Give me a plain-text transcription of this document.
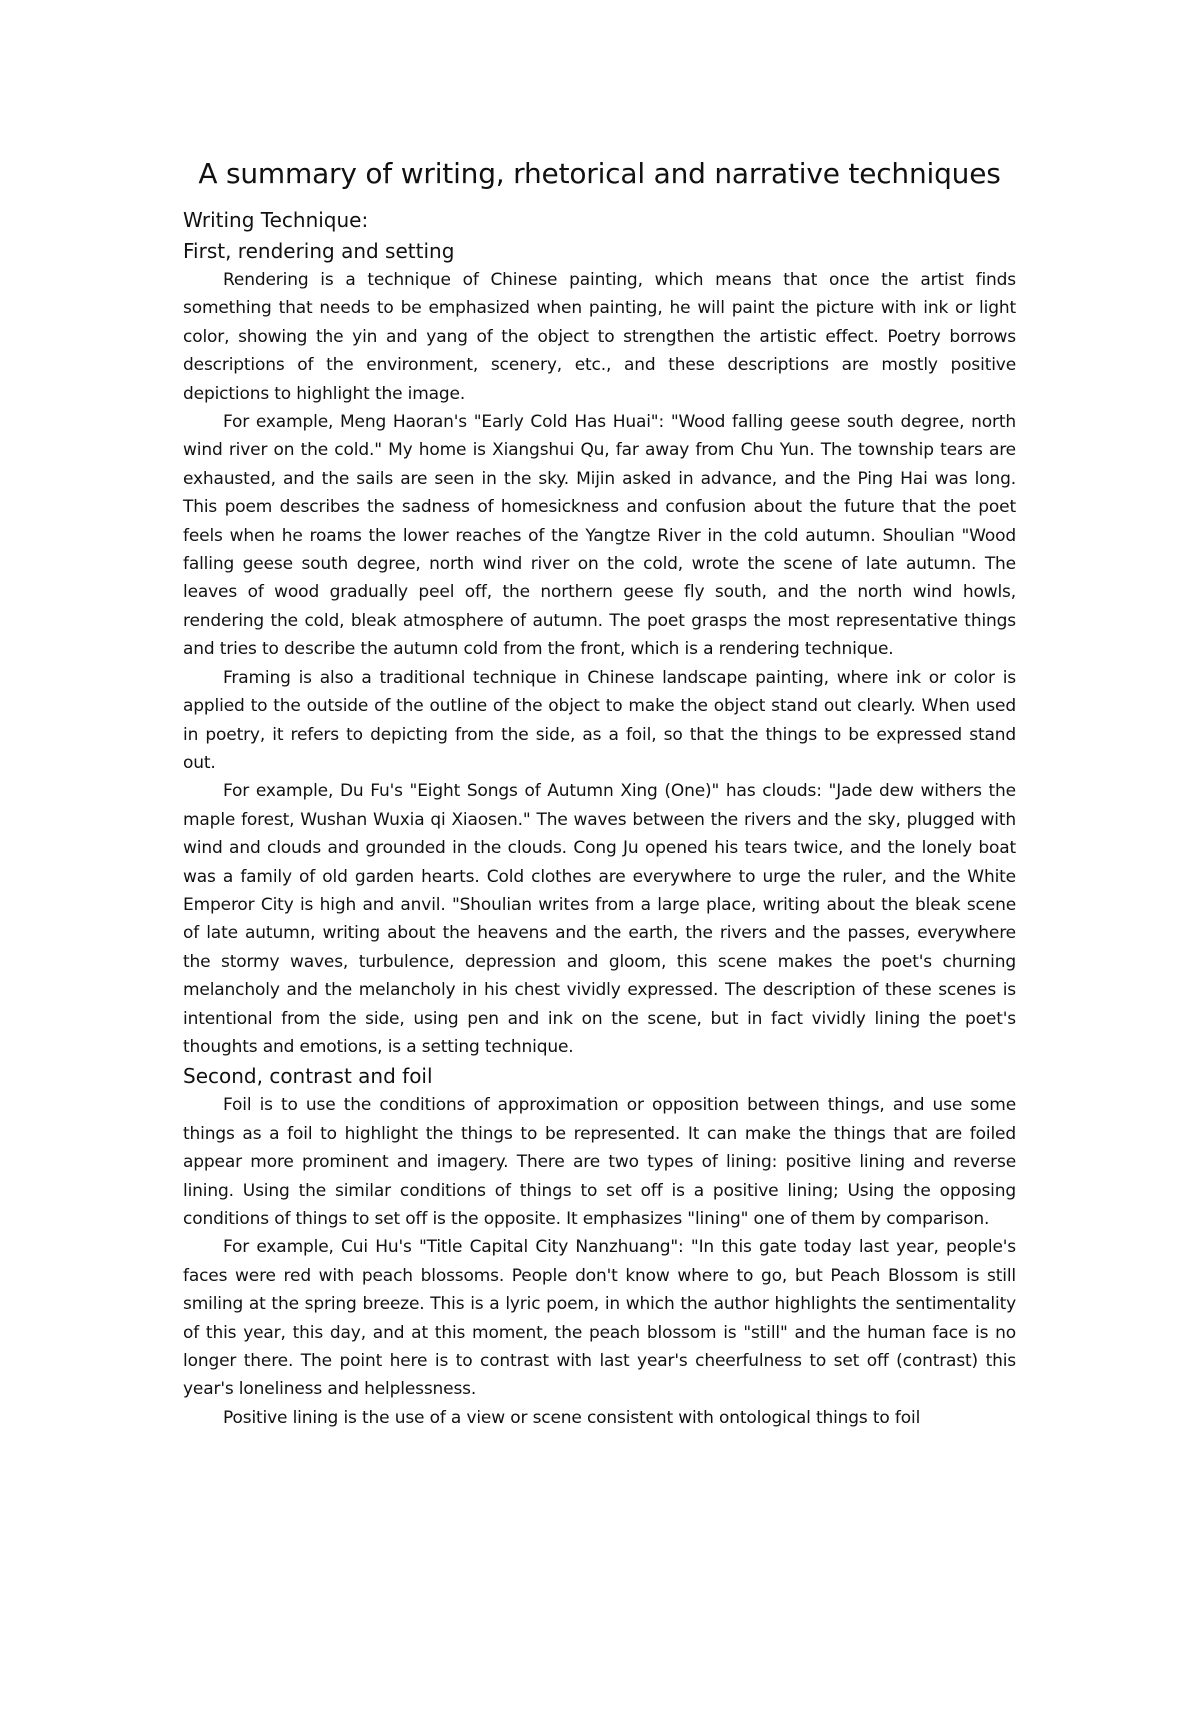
A summary of writing, rhetorical and narrative techniques
Writing Technique:
First, rendering and setting

Rendering is a technique of Chinese painting, which means that once the artist finds something that needs to be emphasized when painting, he will paint the picture with ink or light color, showing the yin and yang of the object to strengthen the artistic effect. Poetry borrows descriptions of the environment, scenery, etc., and these descriptions are mostly positive depictions to highlight the image.

For example, Meng Haoran's "Early Cold Has Huai": "Wood falling geese south degree, north wind river on the cold." My home is Xiangshui Qu, far away from Chu Yun. The township tears are exhausted, and the sails are seen in the sky. Mijin asked in advance, and the Ping Hai was long. This poem describes the sadness of homesickness and confusion about the future that the poet feels when he roams the lower reaches of the Yangtze River in the cold autumn. Shoulian "Wood falling geese south degree, north wind river on the cold, wrote the scene of late autumn. The leaves of wood gradually peel off, the northern geese fly south, and the north wind howls, rendering the cold, bleak atmosphere of autumn. The poet grasps the most representative things and tries to describe the autumn cold from the front, which is a rendering technique.

Framing is also a traditional technique in Chinese landscape painting, where ink or color is applied to the outside of the outline of the object to make the object stand out clearly. When used in poetry, it refers to depicting from the side, as a foil, so that the things to be expressed stand out.

For example, Du Fu's "Eight Songs of Autumn Xing (One)" has clouds: "Jade dew withers the maple forest, Wushan Wuxia qi Xiaosen." The waves between the rivers and the sky, plugged with wind and clouds and grounded in the clouds. Cong Ju opened his tears twice, and the lonely boat was a family of old garden hearts. Cold clothes are everywhere to urge the ruler, and the White Emperor City is high and anvil. "Shoulian writes from a large place, writing about the bleak scene of late autumn, writing about the heavens and the earth, the rivers and the passes, everywhere the stormy waves, turbulence, depression and gloom, this scene makes the poet's churning melancholy and the melancholy in his chest vividly expressed. The description of these scenes is intentional from the side, using pen and ink on the scene, but in fact vividly lining the poet's thoughts and emotions, is a setting technique.

Second, contrast and foil

Foil is to use the conditions of approximation or opposition between things, and use some things as a foil to highlight the things to be represented. It can make the things that are foiled appear more prominent and imagery. There are two types of lining: positive lining and reverse lining. Using the similar conditions of things to set off is a positive lining; Using the opposing conditions of things to set off is the opposite. It emphasizes "lining" one of them by comparison.

For example, Cui Hu's "Title Capital City Nanzhuang": "In this gate today last year, people's faces were red with peach blossoms. People don't know where to go, but Peach Blossom is still smiling at the spring breeze. This is a lyric poem, in which the author highlights the sentimentality of this year, this day, and at this moment, the peach blossom is "still" and the human face is no longer there. The point here is to contrast with last year's cheerfulness to set off (contrast) this year's loneliness and helplessness.

Positive lining is the use of a view or scene consistent with ontological things to foil
